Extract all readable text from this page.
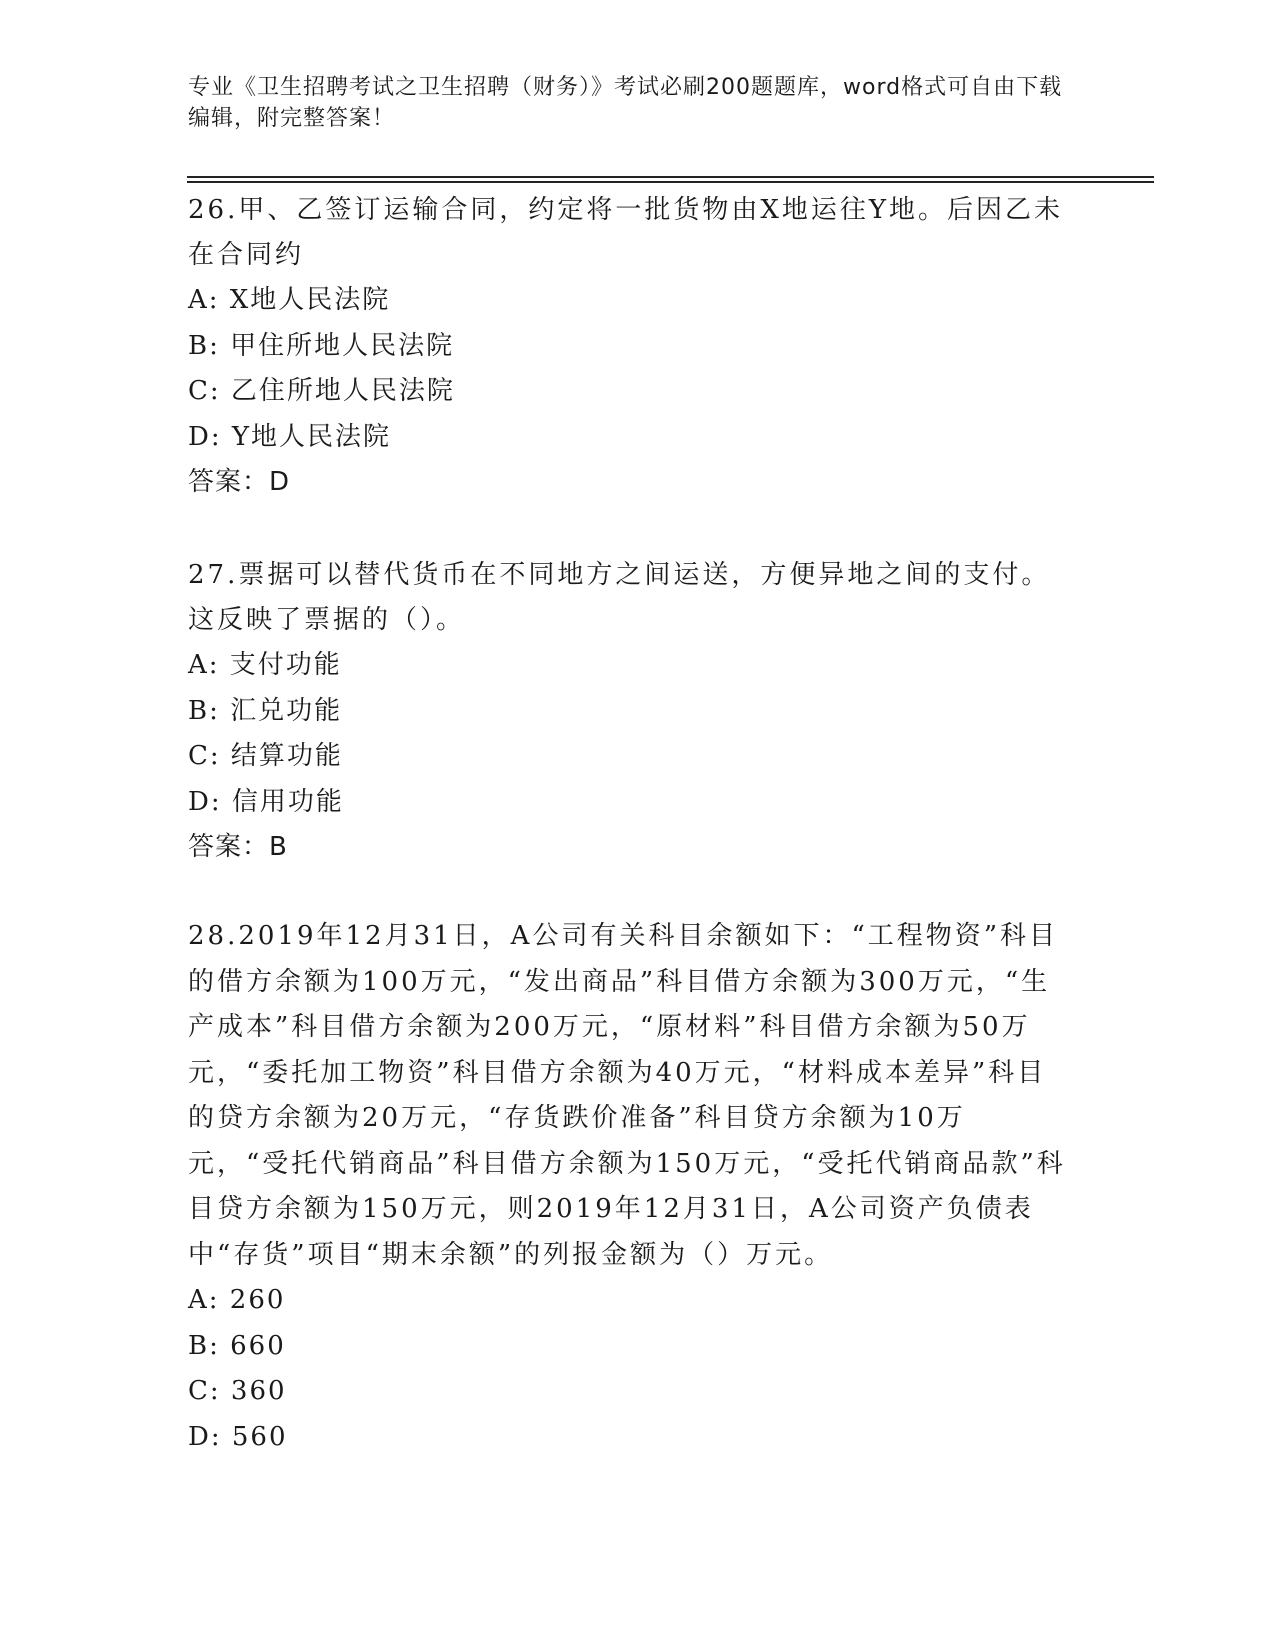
专业《卫生招聘考试之卫生招聘（财务）》考试必刷200题题库，word格式可自由下载编辑，附完整答案！

26.甲、乙签订运输合同，约定将一批货物由X地运往Y地。后因乙未在合同约

A: X地人民法院

B: 甲住所地人民法院

C: 乙住所地人民法院

D: Y地人民法院

答案：D

27.票据可以替代货币在不同地方之间运送，方便异地之间的支付。这反映了票据的（）。

A: 支付功能

B: 汇兑功能

C: 结算功能

D: 信用功能

答案：B

28.2019年12月31日，A公司有关科目余额如下：“工程物资”科目的借方余额为100万元，“发出商品”科目借方余额为300万元，“生产成本”科目借方余额为200万元，“原材料”科目借方余额为50万元，“委托加工物资”科目借方余额为40万元，“材料成本差异”科目的贷方余额为20万元，“存货跌价准备”科目贷方余额为10万元，“受托代销商品”科目借方余额为150万元，“受托代销商品款”科目贷方余额为150万元，则2019年12月31日，A公司资产负债表中“存货”项目“期末余额”的列报金额为（）万元。

A: 260

B: 660

C: 360

D: 560
